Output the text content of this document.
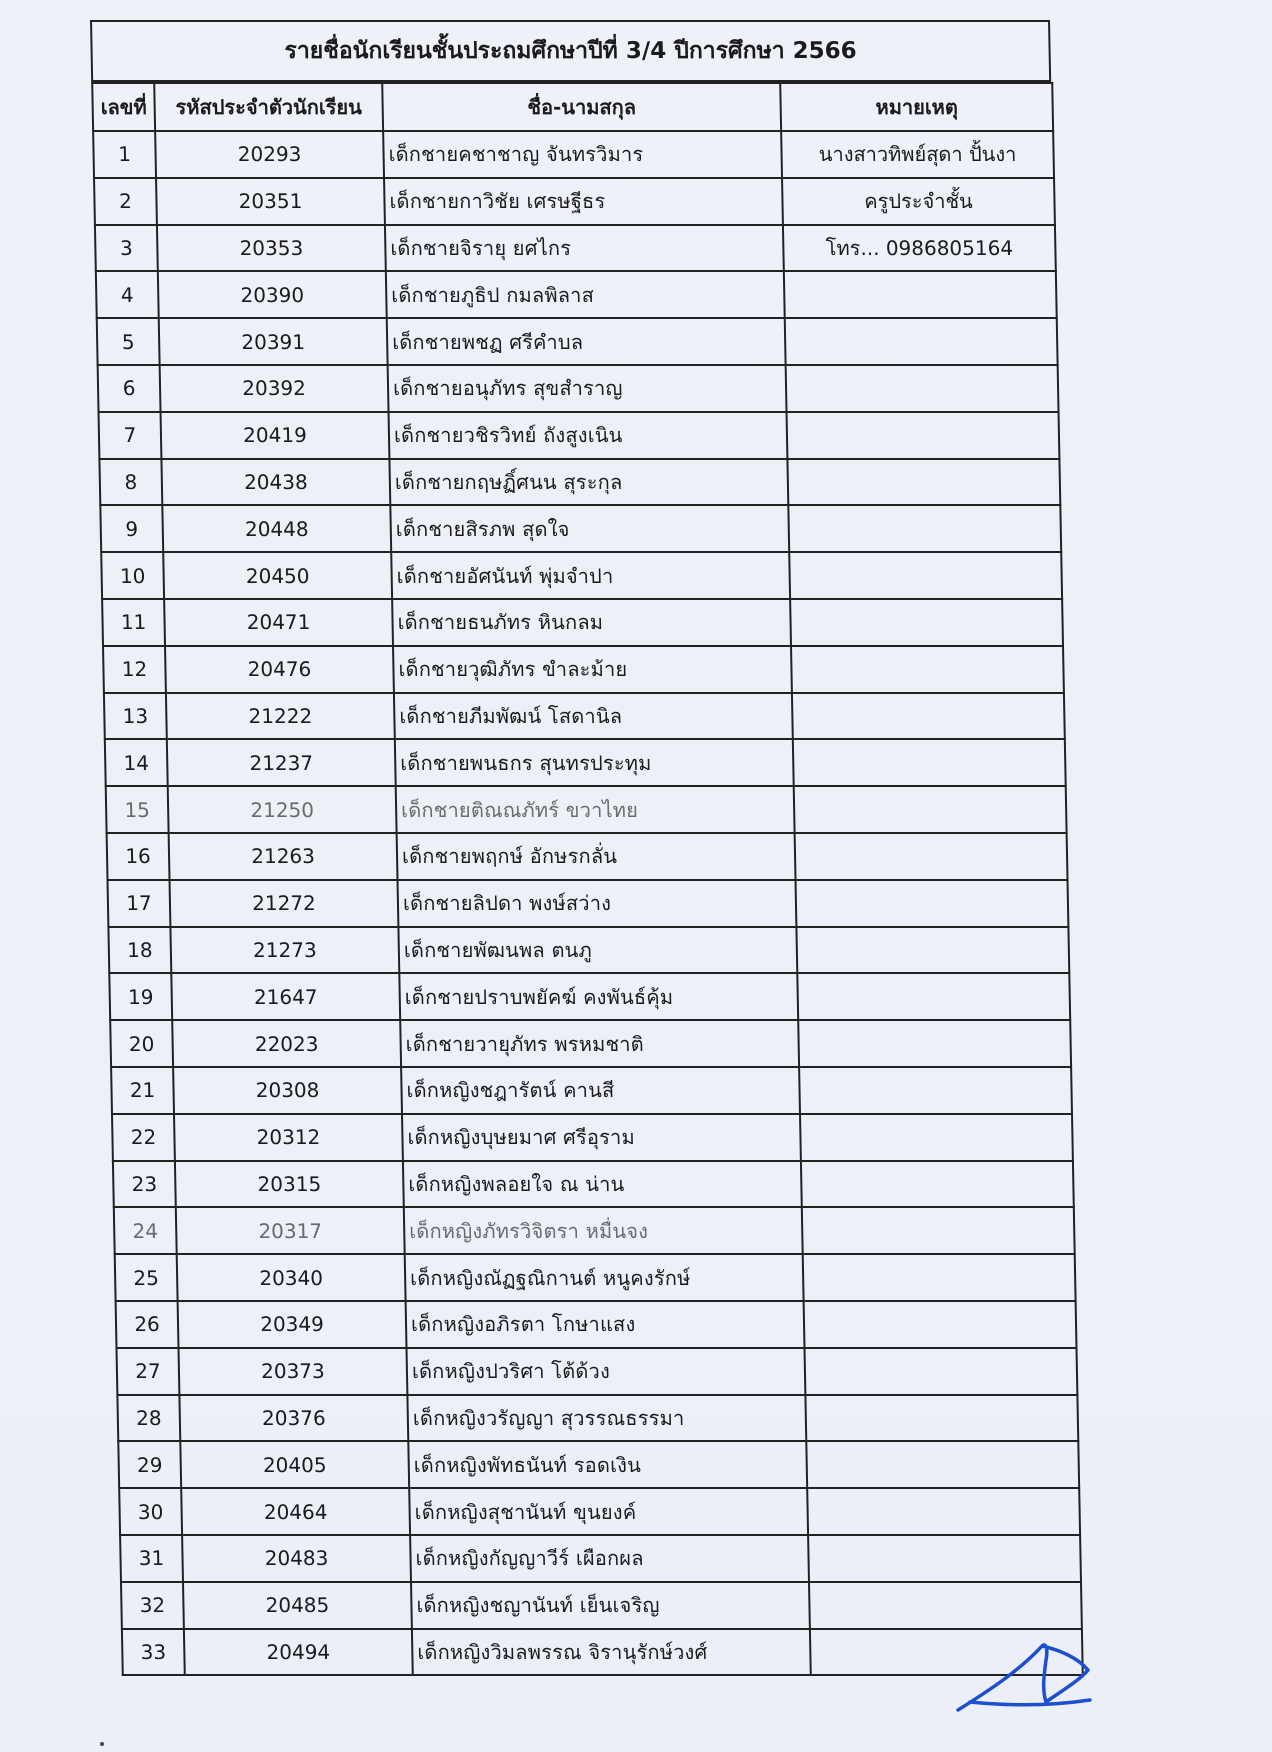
รายชื่อนักเรียนชั้นประถมศึกษาปีที่ 3/4 ปีการศึกษา 2566
เลขที่	รหัสประจำตัวนักเรียน	ชื่อ-นามสกุล	หมายเหตุ
1	20293	เด็กชายคชาชาญ จันทรวิมาร	นางสาวทิพย์สุดา ปั้นงา
2	20351	เด็กชายกาวิชัย เศรษฐีธร	ครูประจำชั้น
3	20353	เด็กชายจิรายุ ยศไกร	โทร... 0986805164
4	20390	เด็กชายภูธิป กมลพิลาส	
5	20391	เด็กชายพชฏ ศรีคำบล	
6	20392	เด็กชายอนุภัทร สุขสำราญ	
7	20419	เด็กชายวชิรวิทย์ ถังสูงเนิน	
8	20438	เด็กชายกฤษฏิ์ศนน สุระกุล	
9	20448	เด็กชายสิรภพ สุดใจ	
10	20450	เด็กชายอัศนันท์ พุ่มจำปา	
11	20471	เด็กชายธนภัทร หินกลม	
12	20476	เด็กชายวุฒิภัทร ขำละม้าย	
13	21222	เด็กชายภีมพัฒน์ โสดานิล	
14	21237	เด็กชายพนธกร สุนทรประทุม	
15	21250	เด็กชายติณณภัทร์ ขวาไทย	
16	21263	เด็กชายพฤกษ์ อักษรกลั่น	
17	21272	เด็กชายลิปดา พงษ์สว่าง	
18	21273	เด็กชายพัฒนพล ตนภู	
19	21647	เด็กชายปราบพยัคฆ์ คงพันธ์คุ้ม	
20	22023	เด็กชายวายุภัทร พรหมชาติ	
21	20308	เด็กหญิงชฎารัตน์ คานสี	
22	20312	เด็กหญิงบุษยมาศ ศรีอุราม	
23	20315	เด็กหญิงพลอยใจ ณ น่าน	
24	20317	เด็กหญิงภัทรวิจิตรา หมื่นจง	
25	20340	เด็กหญิงณัฏฐณิกานต์ หนูคงรักษ์	
26	20349	เด็กหญิงอภิรตา โกษาแสง	
27	20373	เด็กหญิงปวริศา โต้ด้วง	
28	20376	เด็กหญิงวรัญญา สุวรรณธรรมา	
29	20405	เด็กหญิงพัทธนันท์ รอดเงิน	
30	20464	เด็กหญิงสุชานันท์ ขุนยงค์	
31	20483	เด็กหญิงกัญญาวีร์ เผือกผล	
32	20485	เด็กหญิงชญานันท์ เย็นเจริญ	
33	20494	เด็กหญิงวิมลพรรณ จิรานุรักษ์วงศ์	
